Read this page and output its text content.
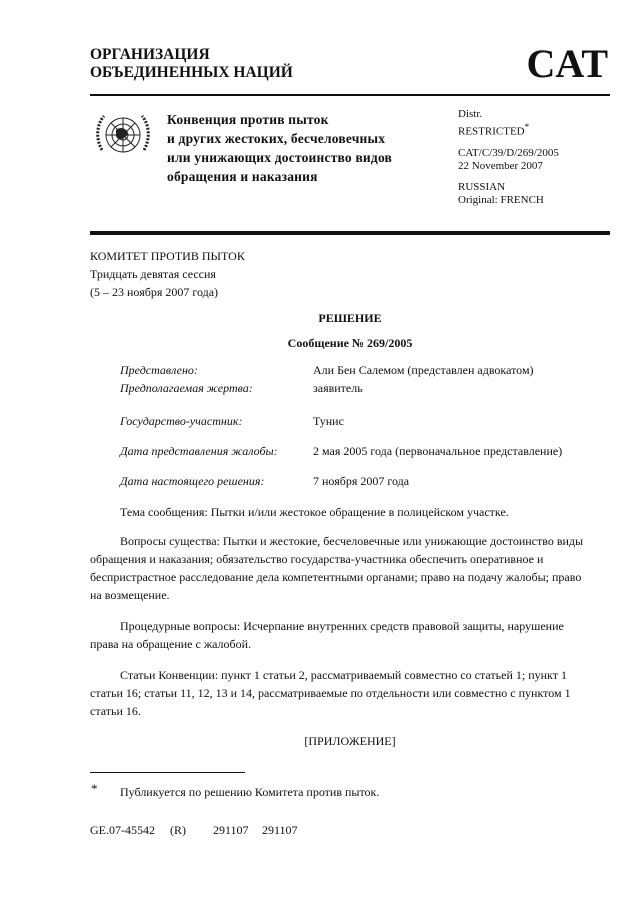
ОРГАНИЗАЦИЯ
ОБЪЕДИНЕННЫХ НАЦИЙ	CAT
Конвенция против пыток
и других жестоких, бесчеловечных
или унижающих достоинство видов
обращения и наказания
Distr.
RESTRICTED*
CAT/C/39/D/269/2005
22 November 2007
RUSSIAN
Original: FRENCH
КОМИТЕТ ПРОТИВ ПЫТОК
Тридцать девятая сессия
(5 – 23 ноября 2007 года)
РЕШЕНИЕ
Сообщение № 269/2005
Представлено:	Али Бен Салемом (представлен адвокатом)
Предполагаемая жертва:	заявитель
Государство-участник:	Тунис
Дата представления жалобы:	2 мая 2005 года (первоначальное представление)
Дата настоящего решения:	7 ноября 2007 года
Тема сообщения: Пытки и/или жестокое обращение в полицейском участке.
Вопросы существа: Пытки и жестокие, бесчеловечные или унижающие достоинство виды обращения и наказания; обязательство государства-участника обеспечить оперативное и беспристрастное расследование дела компетентными органами; право на подачу жалобы; право на возмещение.
Процедурные вопросы: Исчерпание внутренних средств правовой защиты, нарушение права на обращение с жалобой.
Статьи Конвенции: пункт 1 статьи 2, рассматриваемый совместно со статьей 1; пункт 1 статьи 16; статьи 11, 12, 13 и 14, рассматриваемые по отдельности или совместно с пунктом 1 статьи 16.
[ПРИЛОЖЕНИЕ]
* Публикуется по решению Комитета против пыток.
GE.07-45542 (R) 291107 291107
